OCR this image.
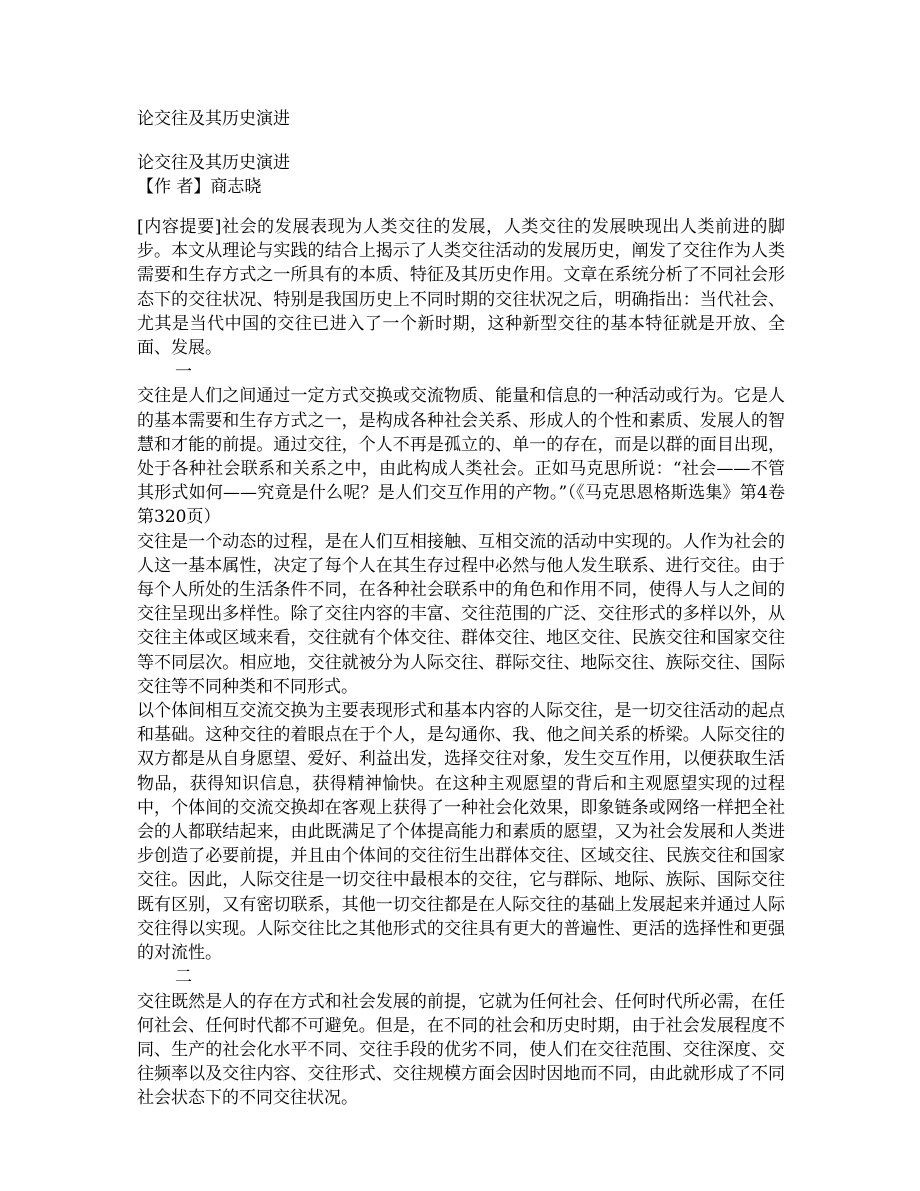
论交往及其历史演进
论交往及其历史演进
【作 者】商志晓

[内容提要]社会的发展表现为人类交往的发展，人类交往的发展映现出人类前进的脚步。本文从理论与实践的结合上揭示了人类交往活动的发展历史，阐发了交往作为人类需要和生存方式之一所具有的本质、特征及其历史作用。文章在系统分析了不同社会形态下的交往状况、特别是我国历史上不同时期的交往状况之后，明确指出：当代社会、尤其是当代中国的交往已进入了一个新时期，这种新型交往的基本特征就是开放、全面、发展。

一

交往是人们之间通过一定方式交换或交流物质、能量和信息的一种活动或行为。它是人的基本需要和生存方式之一，是构成各种社会关系、形成人的个性和素质、发展人的智慧和才能的前提。通过交往，个人不再是孤立的、单一的存在，而是以群的面目出现，处于各种社会联系和关系之中，由此构成人类社会。正如马克思所说：“社会——不管其形式如何——究竟是什么呢？是人们交互作用的产物。”（《马克思恩格斯选集》第4卷第320页）

交往是一个动态的过程，是在人们互相接触、互相交流的活动中实现的。人作为社会的人这一基本属性，决定了每个人在其生存过程中必然与他人发生联系、进行交往。由于每个人所处的生活条件不同，在各种社会联系中的角色和作用不同，使得人与人之间的交往呈现出多样性。除了交往内容的丰富、交往范围的广泛、交往形式的多样以外，从交往主体或区域来看，交往就有个体交往、群体交往、地区交往、民族交往和国家交往等不同层次。相应地，交往就被分为人际交往、群际交往、地际交往、族际交往、国际交往等不同种类和不同形式。

以个体间相互交流交换为主要表现形式和基本内容的人际交往，是一切交往活动的起点和基础。这种交往的着眼点在于个人，是勾通你、我、他之间关系的桥梁。人际交往的双方都是从自身愿望、爱好、利益出发，选择交往对象，发生交互作用，以便获取生活物品，获得知识信息，获得精神愉快。在这种主观愿望的背后和主观愿望实现的过程中，个体间的交流交换却在客观上获得了一种社会化效果，即象链条或网络一样把全社会的人都联结起来，由此既满足了个体提高能力和素质的愿望，又为社会发展和人类进步创造了必要前提，并且由个体间的交往衍生出群体交往、区域交往、民族交往和国家交往。因此，人际交往是一切交往中最根本的交往，它与群际、地际、族际、国际交往既有区别，又有密切联系，其他一切交往都是在人际交往的基础上发展起来并通过人际交往得以实现。人际交往比之其他形式的交往具有更大的普遍性、更活的选择性和更强的对流性。

二

交往既然是人的存在方式和社会发展的前提，它就为任何社会、任何时代所必需，在任何社会、任何时代都不可避免。但是，在不同的社会和历史时期，由于社会发展程度不同、生产的社会化水平不同、交往手段的优劣不同，使人们在交往范围、交往深度、交往频率以及交往内容、交往形式、交往规模方面会因时因地而不同，由此就形成了不同社会状态下的不同交往状况。
